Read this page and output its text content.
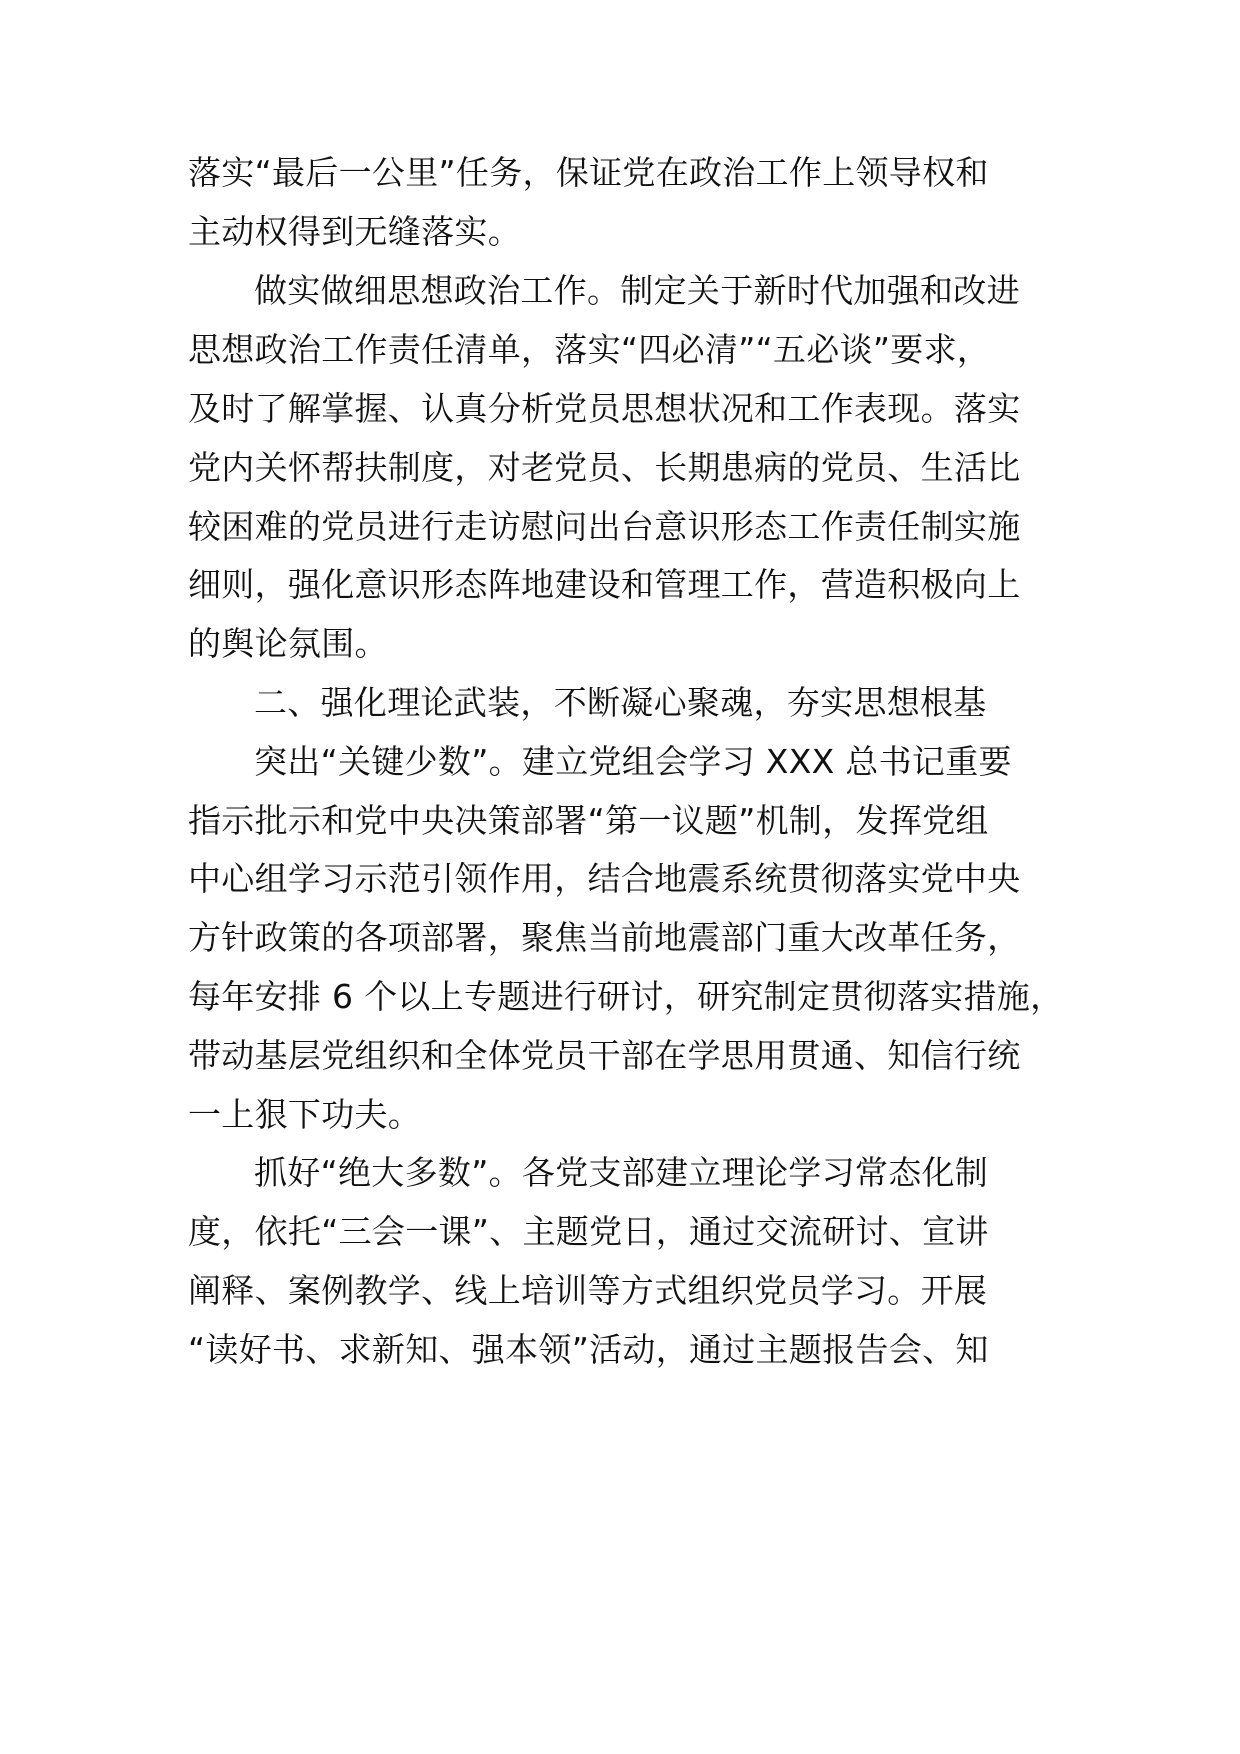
落实“最后一公里”任务，保证党在政治工作上领导权和
主动权得到无缝落实。
做实做细思想政治工作。制定关于新时代加强和改进
思想政治工作责任清单，落实“四必清”“五必谈”要求，
及时了解掌握、认真分析党员思想状况和工作表现。落实
党内关怀帮扶制度，对老党员、长期患病的党员、生活比
较困难的党员进行走访慰问出台意识形态工作责任制实施
细则，强化意识形态阵地建设和管理工作，营造积极向上
的舆论氛围。
二、强化理论武装，不断凝心聚魂，夯实思想根基
突出“关键少数”。建立党组会学习 XXX 总书记重要
指示批示和党中央决策部署“第一议题”机制，发挥党组
中心组学习示范引领作用，结合地震系统贯彻落实党中央
方针政策的各项部署，聚焦当前地震部门重大改革任务，
每年安排 6 个以上专题进行研讨，研究制定贯彻落实措施，
带动基层党组织和全体党员干部在学思用贯通、知信行统
一上狠下功夫。
抓好“绝大多数”。各党支部建立理论学习常态化制
度，依托“三会一课”、主题党日，通过交流研讨、宣讲
阐释、案例教学、线上培训等方式组织党员学习。开展
“读好书、求新知、强本领”活动，通过主题报告会、知
